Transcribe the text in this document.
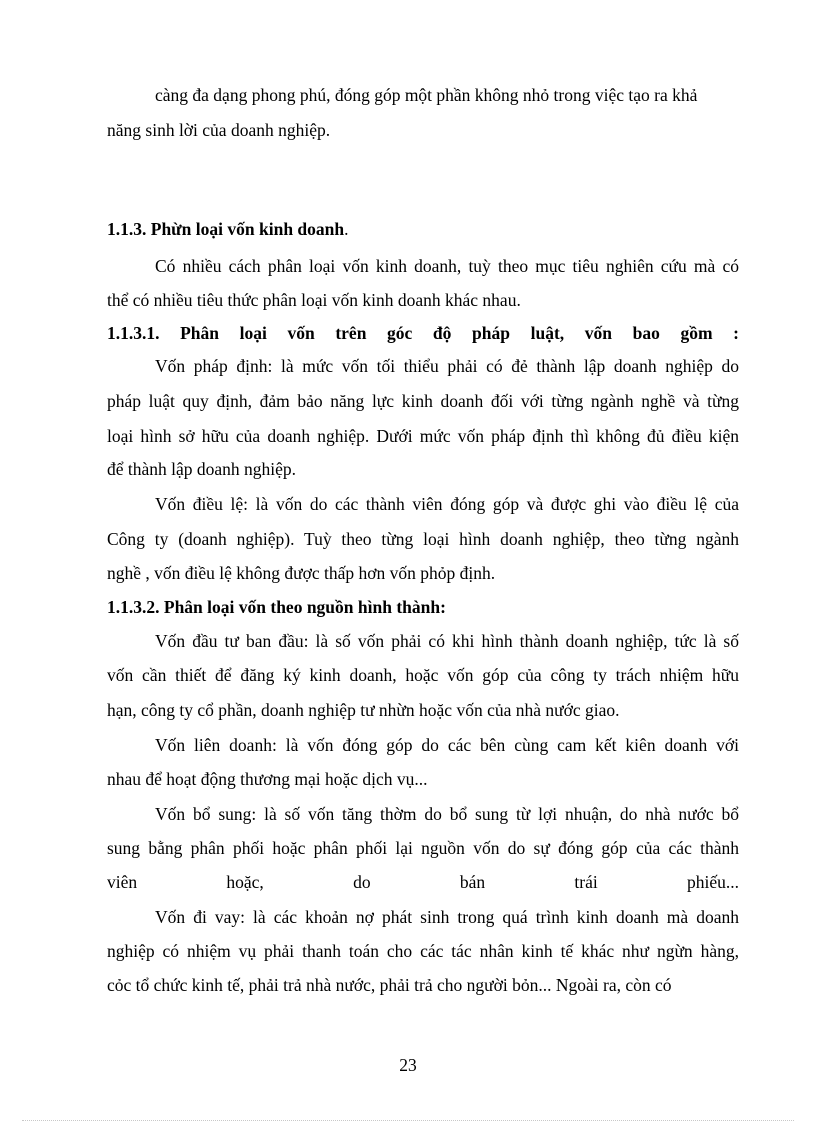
càng đa dạng phong phú, đóng góp một phần không nhỏ trong việc tạo ra khả
năng sinh lời của doanh nghiệp.
1.1.3. Phừn loại vốn kinh doanh.
Có nhiều cách phân loại vốn kinh doanh, tuỳ theo mục tiêu nghiên cứu mà có
thể có nhiều tiêu thức phân loại vốn kinh doanh khác nhau.
1.1.3.1. Phân loại vốn trên góc độ pháp luật, vốn bao gồm :
Vốn pháp định: là mức vốn tối thiểu phải có đẻ thành lập doanh nghiệp do
pháp luật quy định, đảm bảo năng lực kinh doanh đối với từng ngành nghề và từng
loại hình sở hữu của doanh nghiệp. Dưới mức vốn pháp định thì không đủ điều kiện
để thành lập doanh nghiệp.
Vốn điều lệ: là vốn do các thành viên đóng góp và được ghi vào điều lệ của
Công ty (doanh nghiệp). Tuỳ theo từng loại hình doanh nghiệp, theo từng ngành
nghề , vốn điều lệ không được thấp hơn vốn phỏp định.
1.1.3.2. Phân loại vốn theo nguồn hình thành:
Vốn đầu tư ban đầu: là số vốn phải có khi hình thành doanh nghiệp, tức là số
vốn cần thiết để đăng ký kinh doanh, hoặc vốn góp của công ty trách nhiệm hữu
hạn, công ty cổ phần, doanh nghiệp tư nhừn hoặc vốn của nhà nước giao.
Vốn liên doanh: là vốn đóng góp do các bên cùng cam kết kiên doanh với
nhau để hoạt động thương mại hoặc dịch vụ...
Vốn bổ sung: là số vốn tăng thờm do bổ sung từ lợi nhuận, do nhà nước bổ
sung bằng phân phối hoặc phân phối lại nguồn vốn do sự đóng góp của các thành
viên hoặc, do bán trái phiếu...
Vốn đi vay: là các khoản nợ phát sinh trong quá trình kinh doanh mà doanh
nghiệp có nhiệm vụ phải thanh toán cho các tác nhân kinh tế khác như ngừn hàng,
cỏc tổ chức kinh tế, phải trả nhà nước, phải trả cho người bỏn... Ngoài ra, còn có
23
